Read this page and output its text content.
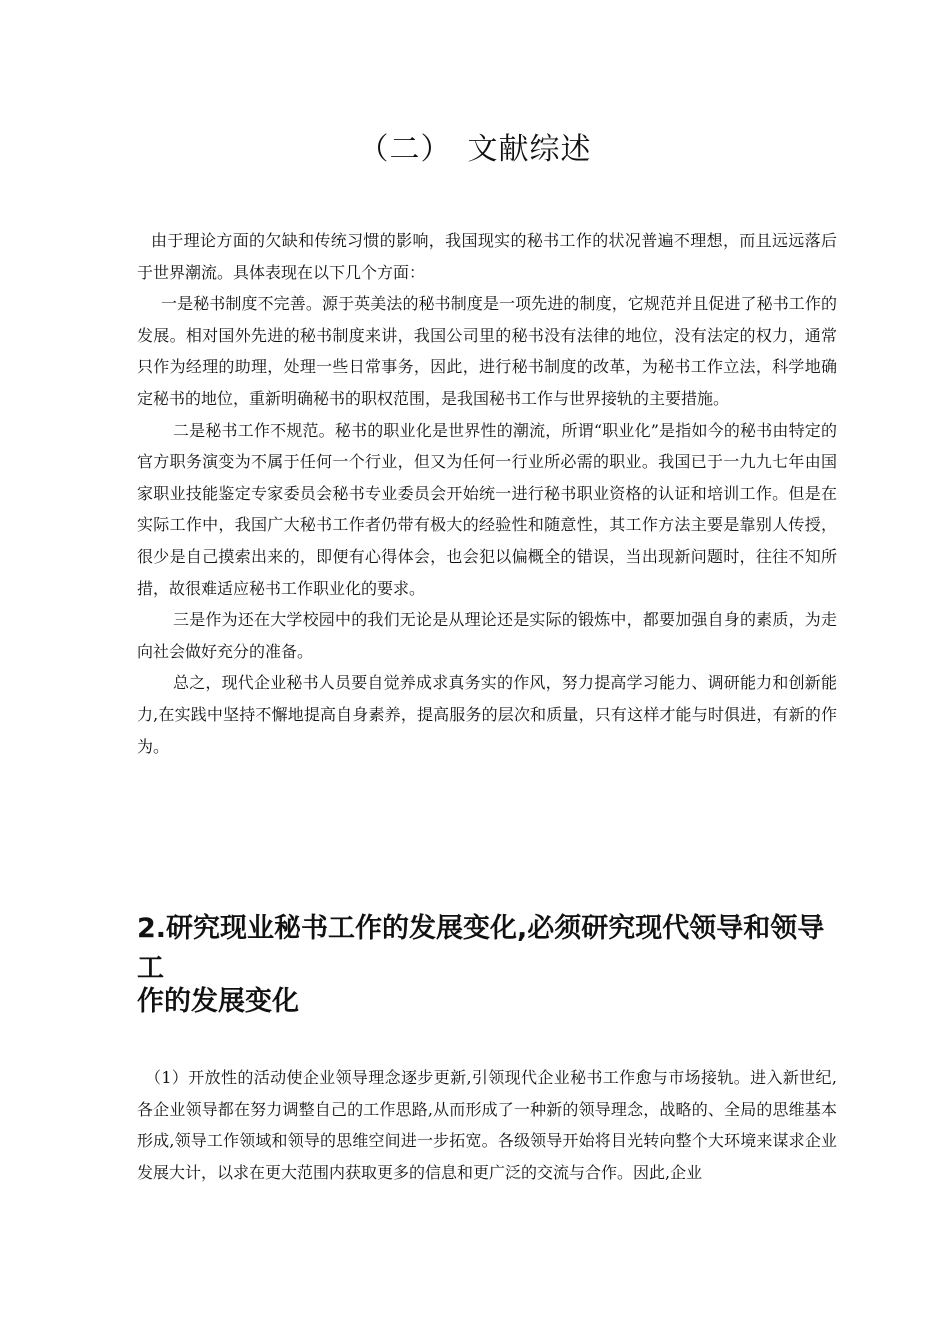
（二）　文献综述

由于理论方面的欠缺和传统习惯的影响，我国现实的秘书工作的状况普遍不理想，而且远远落后于世界潮流。具体表现在以下几个方面：

一是秘书制度不完善。源于英美法的秘书制度是一项先进的制度，它规范并且促进了秘书工作的发展。相对国外先进的秘书制度来讲，我国公司里的秘书没有法律的地位，没有法定的权力，通常只作为经理的助理，处理一些日常事务，因此，进行秘书制度的改革，为秘书工作立法，科学地确定秘书的地位，重新明确秘书的职权范围，是我国秘书工作与世界接轨的主要措施。

二是秘书工作不规范。秘书的职业化是世界性的潮流，所谓“职业化”是指如今的秘书由特定的官方职务演变为不属于任何一个行业，但又为任何一行业所必需的职业。我国已于一九九七年由国家职业技能鉴定专家委员会秘书专业委员会开始统一进行秘书职业资格的认证和培训工作。但是在实际工作中，我国广大秘书工作者仍带有极大的经验性和随意性，其工作方法主要是靠别人传授，很少是自己摸索出来的，即便有心得体会，也会犯以偏概全的错误，当出现新问题时，往往不知所措，故很难适应秘书工作职业化的要求。

三是作为还在大学校园中的我们无论是从理论还是实际的锻炼中，都要加强自身的素质，为走向社会做好充分的准备。

总之，现代企业秘书人员要自觉养成求真务实的作风，努力提高学习能力、调研能力和创新能力,在实践中坚持不懈地提高自身素养，提高服务的层次和质量，只有这样才能与时俱进，有新的作为。

2.研究现业秘书工作的发展变化,必须研究现代领导和领导工
作的发展变化

（1）开放性的活动使企业领导理念逐步更新,引领现代企业秘书工作愈与市场接轨。进入新世纪,各企业领导都在努力调整自己的工作思路,从而形成了一种新的领导理念，战略的、全局的思维基本形成,领导工作领域和领导的思维空间进一步拓宽。各级领导开始将目光转向整个大环境来谋求企业发展大计，以求在更大范围内获取更多的信息和更广泛的交流与合作。因此,企业
